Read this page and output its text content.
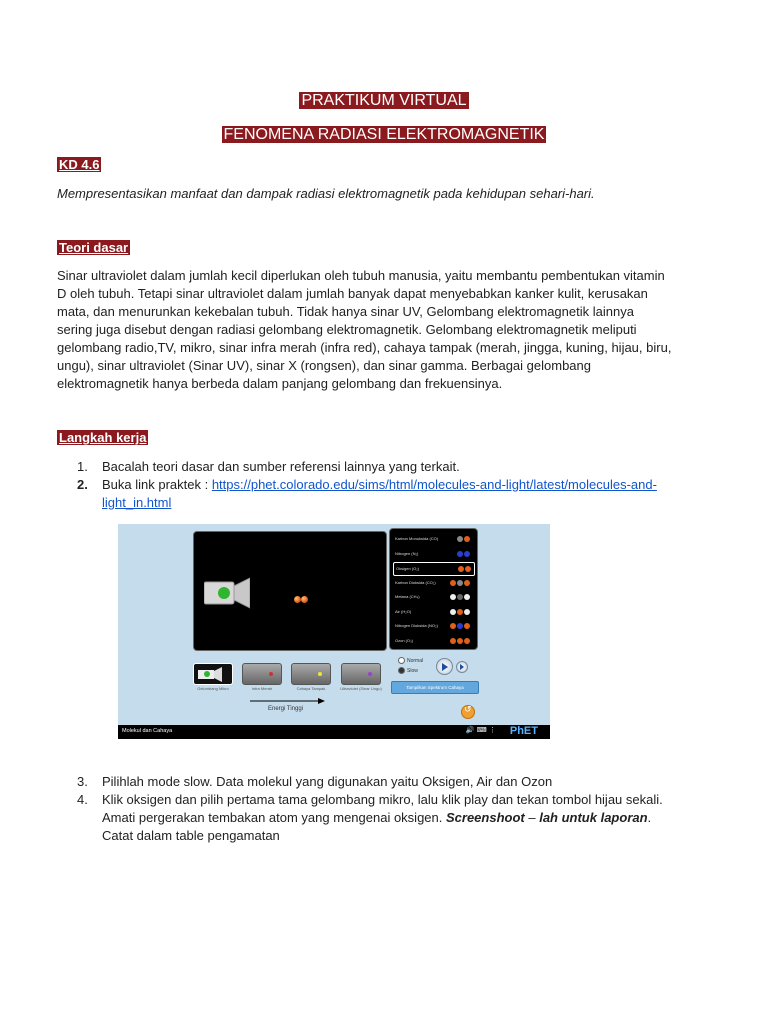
PRAKTIKUM VIRTUAL
FENOMENA RADIASI ELEKTROMAGNETIK
KD 4.6
Mempresentasikan manfaat dan dampak radiasi elektromagnetik pada kehidupan sehari-hari.
Teori dasar
Sinar ultraviolet dalam jumlah kecil diperlukan oleh tubuh manusia, yaitu membantu pembentukan vitamin
D oleh tubuh. Tetapi sinar ultraviolet dalam jumlah banyak dapat menyebabkan kanker kulit, kerusakan
mata, dan menurunkan kekebalan tubuh. Tidak hanya sinar UV, Gelombang elektromagnetik lainnya
sering juga disebut dengan radiasi gelombang elektromagnetik. Gelombang elektromagnetik meliputi
gelombang radio,TV, mikro, sinar infra merah (infra red), cahaya tampak (merah, jingga, kuning, hijau, biru,
ungu), sinar ultraviolet (Sinar UV), sinar X (rongsen), dan sinar gamma. Berbagai gelombang
elektromagnetik hanya berbeda dalam panjang gelombang dan frekuensinya.
Langkah kerja
1.	Bacalah teori dasar dan sumber referensi lainnya yang terkait.
2.	Buka link praktek : https://phet.colorado.edu/sims/html/molecules-and-light/latest/molecules-and-
light_in.html
Karbon Monoksida (CO)
Nitrogen (N₂)
Oksigen (O₂)
Karbon Dioksida (CO₂)
Metana (CH₄)
Air (H₂O)
Nitrogen Dioksida (NO₂)
Ozon (O₃)
Gelombang Mikro	Infra Merah	Cahaya Tampak	Ultraviolet (Sinar Ungu)
Normal
Slow
Tampilkan Spektrum Cahaya
Energi Tinggi
↺
Molekul dan Cahaya	PhET
🔊 ⌨ ⋮
3.	Pilihlah mode slow. Data molekul yang digunakan yaitu Oksigen, Air dan Ozon
4.	Klik oksigen dan pilih pertama tama gelombang mikro, lalu klik play dan tekan tombol hijau sekali.
Amati pergerakan tembakan atom yang mengenai oksigen. Screenshoot – lah untuk laporan.
Catat dalam table pengamatan
